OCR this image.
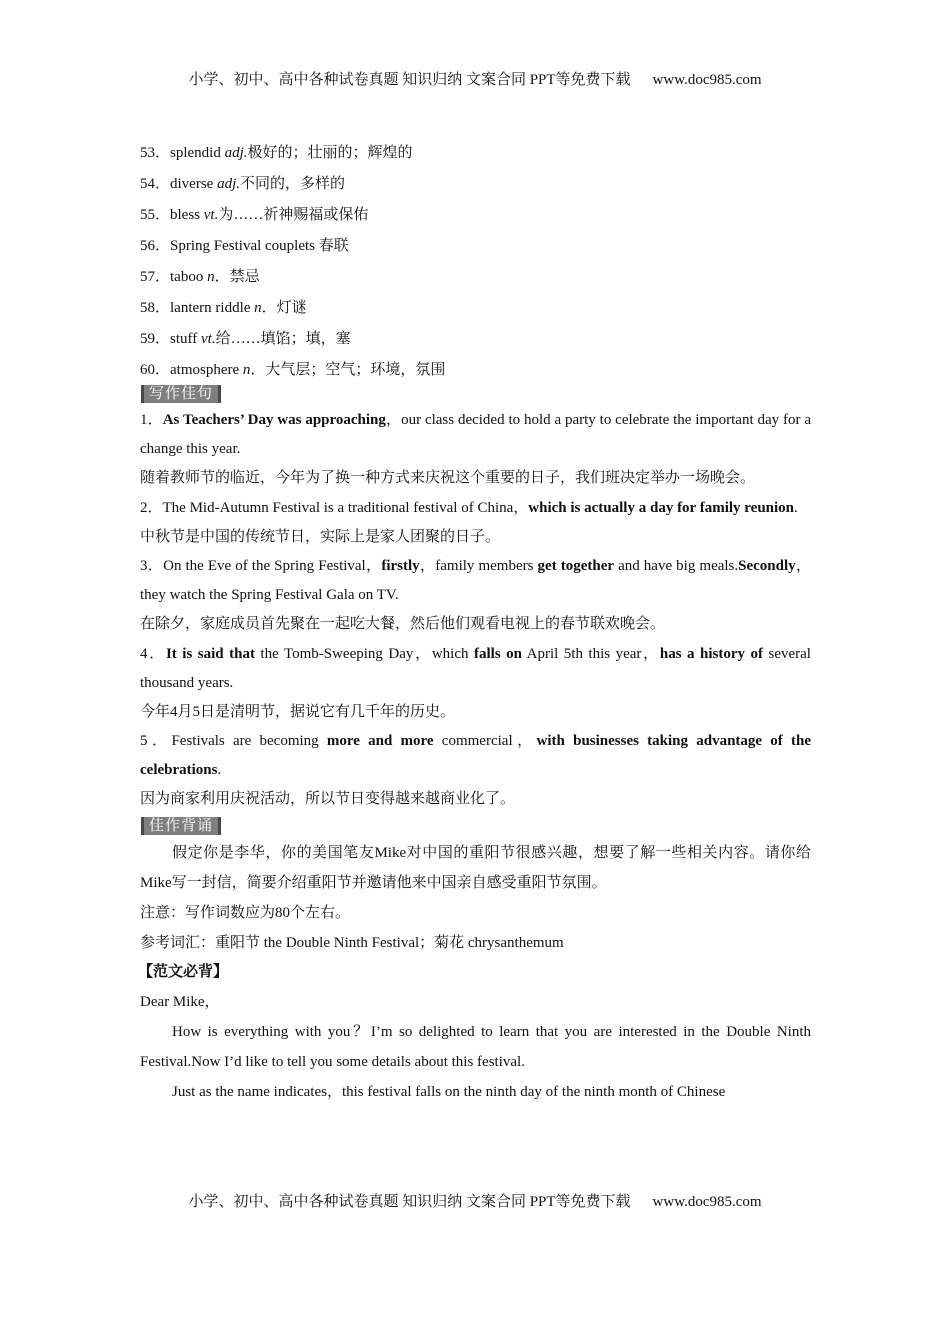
小学、初中、高中各种试卷真题 知识归纳 文案合同 PPT等免费下载 www.doc985.com
53．splendid adj.极好的；壮丽的；辉煌的
54．diverse adj.不同的，多样的
55．bless vt.为……祈神赐福或保佑
56．Spring Festival couplets 春联
57．taboo n．禁忌
58．lantern riddle n．灯谜
59．stuff vt.给……填馅；填，塞
60．atmosphere n．大气层；空气；环境，氛围
写作佳句
1．As Teachers’ Day was approaching，our class decided to hold a party to celebrate the important day for a change this year.
随着教师节的临近，今年为了换一种方式来庆祝这个重要的日子，我们班决定举办一场晚会。
2．The Mid-Autumn Festival is a traditional festival of China，which is actually a day for family reunion.
中秋节是中国的传统节日，实际上是家人团聚的日子。
3．On the Eve of the Spring Festival，firstly，family members get together and have big meals.Secondly，they watch the Spring Festival Gala on TV.
在除夕，家庭成员首先聚在一起吃大餐，然后他们观看电视上的春节联欢晚会。
4．It is said that the Tomb-Sweeping Day，which falls on April 5th this year，has a history of several thousand years.
今年4月5日是清明节，据说它有几千年的历史。
5．Festivals are becoming more and more commercial，with businesses taking advantage of the celebrations.
因为商家利用庆祝活动，所以节日变得越来越商业化了。
佳作背诵
假定你是李华，你的美国笔友Mike对中国的重阳节很感兴趣，想要了解一些相关内容。请你给Mike写一封信，简要介绍重阳节并邀请他来中国亲自感受重阳节氛围。
注意：写作词数应为80个左右。
参考词汇：重阳节 the Double Ninth Festival；菊花 chrysanthemum
【范文必背】
Dear Mike，
How is everything with you？I’m so delighted to learn that you are interested in the Double Ninth Festival.Now I’d like to tell you some details about this festival.
Just as the name indicates，this festival falls on the ninth day of the ninth month of Chinese
小学、初中、高中各种试卷真题 知识归纳 文案合同 PPT等免费下载 www.doc985.com
